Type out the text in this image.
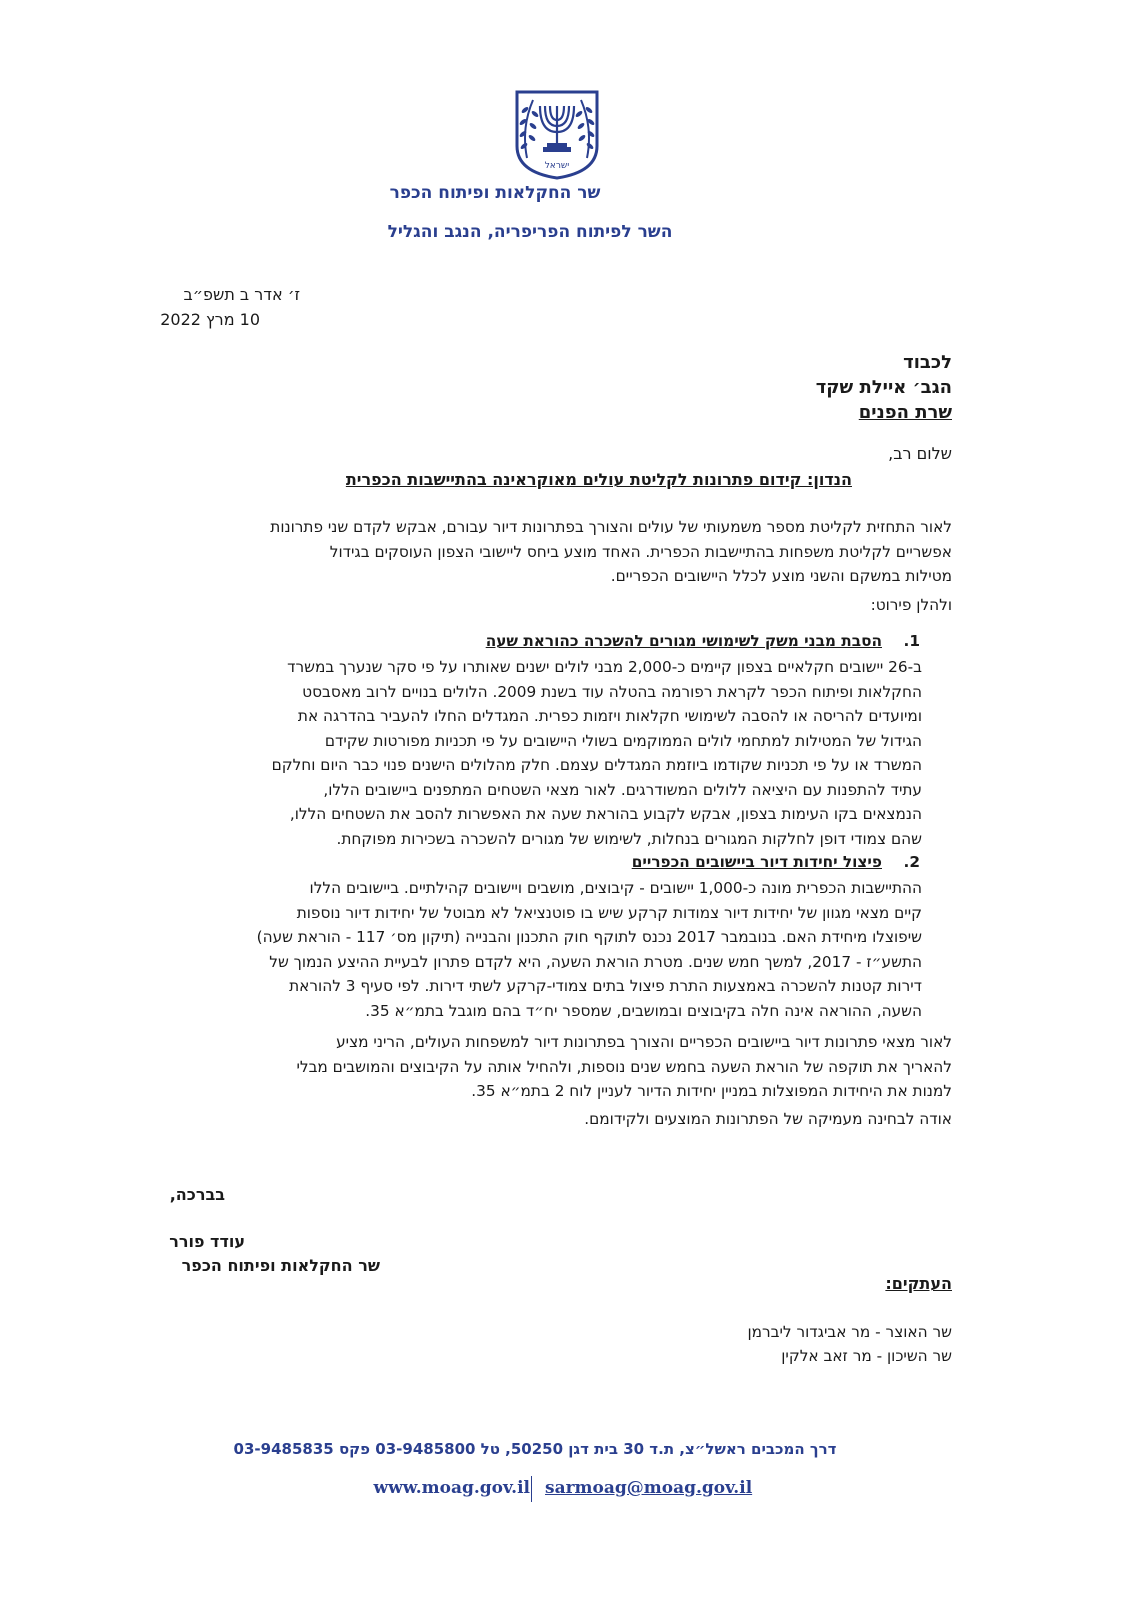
ישראל
שר החקלאות ופיתוח הכפר
השר לפיתוח הפריפריה, הנגב והגליל
ז׳ אדר ב תשפ״ב
10 מרץ 2022
לכבוד
הגב׳ איילת שקד
שרת הפנים
שלום רב,
הנדון: קידום פתרונות לקליטת עולים מאוקראינה בהתיישבות הכפרית
לאור התחזית לקליטת מספר משמעותי של עולים והצורך בפתרונות דיור עבורם, אבקש לקדם שני פתרונות
אפשריים לקליטת משפחות בהתיישבות הכפרית. האחד מוצע ביחס ליישובי הצפון העוסקים בגידול
מטילות במשקם והשני מוצע לכלל היישובים הכפריים.
ולהלן פירוט:
1.הסבת מבני משק לשימושי מגורים להשכרה כהוראת שעה
ב-26 יישובים חקלאיים בצפון קיימים כ-2,000 מבני לולים ישנים שאותרו על פי סקר שנערך במשרד
החקלאות ופיתוח הכפר לקראת רפורמה בהטלה עוד בשנת 2009. הלולים בנויים לרוב מאסבסט
ומיועדים להריסה או להסבה לשימושי חקלאות ויזמות כפרית. המגדלים החלו להעביר בהדרגה את
הגידול של המטילות למתחמי לולים הממוקמים בשולי היישובים על פי תכניות מפורטות שקידם
המשרד או על פי תכניות שקודמו ביוזמת המגדלים עצמם. חלק מהלולים הישנים פנוי כבר היום וחלקם
עתיד להתפנות עם היציאה ללולים המשודרגים. לאור מצאי השטחים המתפנים ביישובים הללו,
הנמצאים בקו העימות בצפון, אבקש לקבוע בהוראת שעה את האפשרות להסב את השטחים הללו,
שהם צמודי דופן לחלקות המגורים בנחלות, לשימוש של מגורים להשכרה בשכירות מפוקחת.
2.פיצול יחידות דיור ביישובים הכפריים
ההתיישבות הכפרית מונה כ-1,000 יישובים - קיבוצים, מושבים ויישובים קהילתיים. ביישובים הללו
קיים מצאי מגוון של יחידות דיור צמודות קרקע שיש בו פוטנציאל לא מבוטל של יחידות דיור נוספות
שיפוצלו מיחידת האם. בנובמבר 2017 נכנס לתוקף חוק התכנון והבנייה (תיקון מס׳ 117 - הוראת שעה)
התשע״ז - 2017, למשך חמש שנים. מטרת הוראת השעה, היא לקדם פתרון לבעיית ההיצע הנמוך של
דירות קטנות להשכרה באמצעות התרת פיצול בתים צמודי-קרקע לשתי דירות. לפי סעיף 3 להוראת
השעה, ההוראה אינה חלה בקיבוצים ובמושבים, שמספר יח״ד בהם מוגבל בתמ״א 35.
לאור מצאי פתרונות דיור ביישובים הכפריים והצורך בפתרונות דיור למשפחות העולים, הריני מציע
להאריך את תוקפה של הוראת השעה בחמש שנים נוספות, ולהחיל אותה על הקיבוצים והמושבים מבלי
למנות את היחידות המפוצלות במניין יחידות הדיור לעניין לוח 2 בתמ״א 35.
אודה לבחינה מעמיקה של הפתרונות המוצעים ולקידומם.
בברכה,
עודד פורר
שר החקלאות ופיתוח הכפר
העתקים:
שר האוצר - מר אביגדור ליברמן
שר השיכון - מר זאב אלקין
דרך המכבים ראשל״צ, ת.ד 30 בית דגן 50250, טל 03-9485800 פקס 03-9485835
www.moag.gov.il sarmoag@moag.gov.il
